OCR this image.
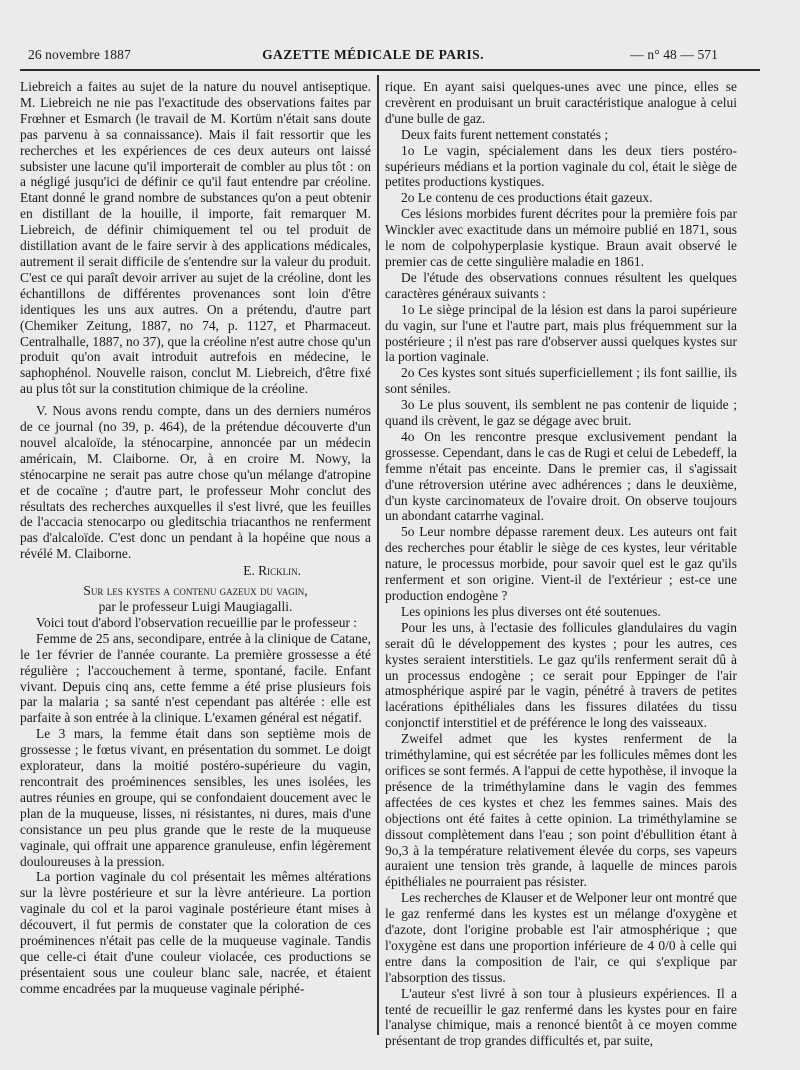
26 novembre 1887	GAZETTE MÉDICALE DE PARIS.	— n° 48 — 571

Liebreich a faites au sujet de la nature du nouvel antiseptique. M. Liebreich ne nie pas l'exactitude des observations faites par Frœhner et Esmarch (le travail de M. Kortüm n'était sans doute pas parvenu à sa connaissance). Mais il fait ressortir que les recherches et les expériences de ces deux auteurs ont laissé subsister une lacune qu'il importerait de combler au plus tôt : on a négligé jusqu'ici de définir ce qu'il faut entendre par créoline. Etant donné le grand nombre de substances qu'on a peut obtenir en distillant de la houille, il importe, fait remarquer M. Liebreich, de définir chimiquement tel ou tel produit de distillation avant de le faire servir à des applications médicales, autrement il serait difficile de s'entendre sur la valeur du produit. C'est ce qui paraît devoir arriver au sujet de la créoline, dont les échantillons de différentes provenances sont loin d'être identiques les uns aux autres. On a prétendu, d'autre part (Chemiker Zeitung, 1887, no 74, p. 1127, et Pharmaceut. Centralhalle, 1887, no 37), que la créoline n'est autre chose qu'un produit qu'on avait introduit autrefois en médecine, le saphophénol. Nouvelle raison, conclut M. Liebreich, d'être fixé au plus tôt sur la constitution chimique de la créoline.

V. Nous avons rendu compte, dans un des derniers numéros de ce journal (no 39, p. 464), de la prétendue découverte d'un nouvel alcaloïde, la sténocarpine, annoncée par un médecin américain, M. Claiborne. Or, à en croire M. Nowy, la sténocarpine ne serait pas autre chose qu'un mélange d'atropine et de cocaïne ; d'autre part, le professeur Mohr conclut des résultats des recherches auxquelles il s'est livré, que les feuilles de l'accacia stenocarpo ou gleditschia triacanthos ne renferment pas d'alcaloïde. C'est donc un pendant à la hopéine que nous a révélé M. Claiborne.

E. Ricklin.

Sur les kystes a contenu gazeux du vagin,

par le professeur Luigi Maugiagalli.

Voici tout d'abord l'observation recueillie par le professeur :

Femme de 25 ans, secondipare, entrée à la clinique de Catane, le 1er février de l'année courante. La première grossesse a été régulière ; l'accouchement à terme, spontané, facile. Enfant vivant. Depuis cinq ans, cette femme a été prise plusieurs fois par la malaria ; sa santé n'est cependant pas altérée : elle est parfaite à son entrée à la clinique. L'examen général est négatif.

Le 3 mars, la femme était dans son septième mois de grossesse ; le fœtus vivant, en présentation du sommet. Le doigt explorateur, dans la moitié postéro-supérieure du vagin, rencontrait des proéminences sensibles, les unes isolées, les autres réunies en groupe, qui se confondaient doucement avec le plan de la muqueuse, lisses, ni résistantes, ni dures, mais d'une consistance un peu plus grande que le reste de la muqueuse vaginale, qui offrait une apparence granuleuse, enfin légèrement douloureuses à la pression.

La portion vaginale du col présentait les mêmes altérations sur la lèvre postérieure et sur la lèvre antérieure. La portion vaginale du col et la paroi vaginale postérieure étant mises à découvert, il fut permis de constater que la coloration de ces proéminences n'était pas celle de la muqueuse vaginale. Tandis que celle-ci était d'une couleur violacée, ces productions se présentaient sous une couleur blanc sale, nacrée, et étaient comme encadrées par la muqueuse vaginale périphé-

rique. En ayant saisi quelques-unes avec une pince, elles se crevèrent en produisant un bruit caractéristique analogue à celui d'une bulle de gaz.

Deux faits furent nettement constatés ;

1o Le vagin, spécialement dans les deux tiers postéro-supérieurs médians et la portion vaginale du col, était le siège de petites productions kystiques.

2o Le contenu de ces productions était gazeux.

Ces lésions morbides furent décrites pour la première fois par Winckler avec exactitude dans un mémoire publié en 1871, sous le nom de colpohyperplasie kystique. Braun avait observé le premier cas de cette singulière maladie en 1861.

De l'étude des observations connues résultent les quelques caractères généraux suivants :

1o Le siège principal de la lésion est dans la paroi supérieure du vagin, sur l'une et l'autre part, mais plus fréquemment sur la postérieure ; il n'est pas rare d'observer aussi quelques kystes sur la portion vaginale.

2o Ces kystes sont situés superficiellement ; ils font saillie, ils sont séniles.

3o Le plus souvent, ils semblent ne pas contenir de liquide ; quand ils crèvent, le gaz se dégage avec bruit.

4o On les rencontre presque exclusivement pendant la grossesse. Cependant, dans le cas de Rugi et celui de Lebedeff, la femme n'était pas enceinte. Dans le premier cas, il s'agissait d'une rétroversion utérine avec adhérences ; dans le deuxième, d'un kyste carcinomateux de l'ovaire droit. On observe toujours un abondant catarrhe vaginal.

5o Leur nombre dépasse rarement deux. Les auteurs ont fait des recherches pour établir le siège de ces kystes, leur véritable nature, le processus morbide, pour savoir quel est le gaz qu'ils renferment et son origine. Vient-il de l'extérieur ; est-ce une production endogène ?

Les opinions les plus diverses ont été soutenues.

Pour les uns, à l'ectasie des follicules glandulaires du vagin serait dû le développement des kystes ; pour les autres, ces kystes seraient interstitiels. Le gaz qu'ils renferment serait dû à un processus endogène ; ce serait pour Eppinger de l'air atmosphérique aspiré par le vagin, pénétré à travers de petites lacérations épithéliales dans les fissures dilatées du tissu conjonctif interstitiel et de préférence le long des vaisseaux.

Zweifel admet que les kystes renferment de la triméthylamine, qui est sécrétée par les follicules mêmes dont les orifices se sont fermés. A l'appui de cette hypothèse, il invoque la présence de la triméthylamine dans le vagin des femmes affectées de ces kystes et chez les femmes saines. Mais des objections ont été faites à cette opinion. La triméthylamine se dissout complètement dans l'eau ; son point d'ébullition étant à 9o,3 à la température relativement élevée du corps, ses vapeurs auraient une tension très grande, à laquelle de minces parois épithéliales ne pourraient pas résister.

Les recherches de Klauser et de Welponer leur ont montré que le gaz renfermé dans les kystes est un mélange d'oxygène et d'azote, dont l'origine probable est l'air atmosphérique ; que l'oxygène est dans une proportion inférieure de 4 0/0 à celle qui entre dans la composition de l'air, ce qui s'explique par l'absorption des tissus.

L'auteur s'est livré à son tour à plusieurs expériences. Il a tenté de recueillir le gaz renfermé dans les kystes pour en faire l'analyse chimique, mais a renoncé bientôt à ce moyen comme présentant de trop grandes difficultés et, par suite,
